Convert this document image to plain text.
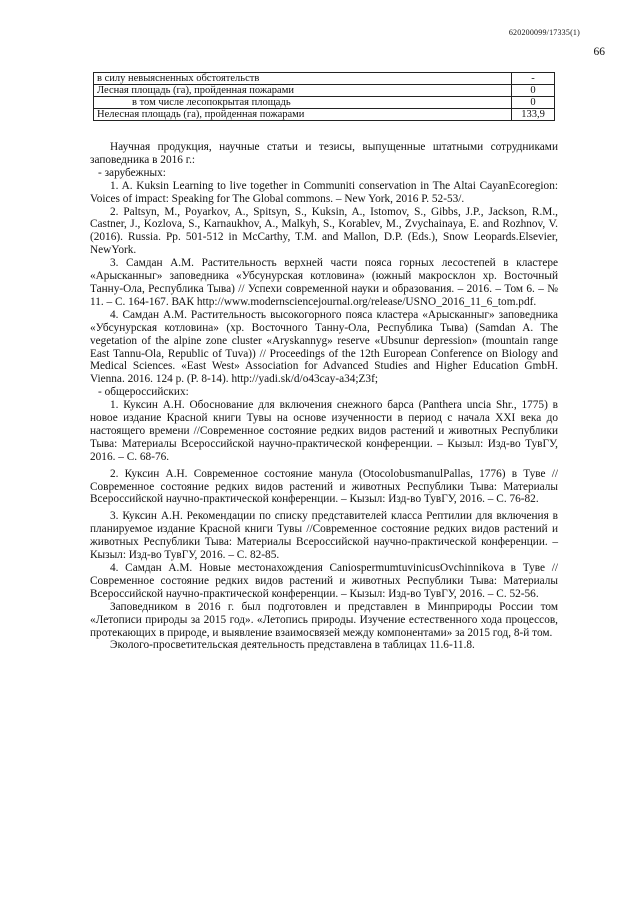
620200099/17335(1)
66
в силу невыясненных обстоятельств	-
Лесная площадь (га), пройденная пожарами	0
в том числе лесопокрытая площадь	0
Нелесная площадь (га), пройденная пожарами	133,9

Научная продукция, научные статьи и тезисы, выпущенные штатными сотрудниками заповедника в 2016 г.:

- зарубежных:

1. A. Kuksin Learning to live together in Communiti conservation in The Altai CayanEcoregion: Voices of impact: Speaking for The Global commons. – New York, 2016 P. 52-53/.

2. Paltsyn, M., Poyarkov, A., Spitsyn, S., Kuksin, A., Istomov, S., Gibbs, J.P., Jackson, R.M., Castner, J., Kozlova, S., Karnaukhov, A., Malkyh, S., Korablev, M., Zvychainaya, E. and Rozhnov, V. (2016). Russia. Pp. 501-512 in McCarthy, T.M. and Mallon, D.P. (Eds.), Snow Leopards.Elsevier, NewYork.

3. Самдан А.М. Растительность верхней части пояса горных лесостепей в кластере «Арысканныг» заповедника «Убсунурская котловина» (южный макросклон хр. Восточный Танну-Ола, Республика Тыва) // Успехи современной науки и образования. – 2016. – Том 6. – № 11. – С. 164-167. ВАК http://www.modernsciencejournal.org/release/USNO_2016_11_6_tom.pdf.

4. Самдан А.М. Растительность высокогорного пояса кластера «Арысканныг» заповедника «Убсунурская котловина» (хр. Восточного Танну-Ола, Республика Тыва) (Samdan A. The vegetation of the alpine zone cluster «Aryskannyg» reserve «Ubsunur depression» (mountain range East Tannu-Ola, Republic of Tuva)) // Proceedings of the 12th European Conference on Biology and Medical Sciences. «East West» Association for Advanced Studies and Higher Education GmbH. Vienna. 2016. 124 p. (P. 8-14). http://yadi.sk/d/o43cay-a34;Z3f;

- общероссийских:

1. Куксин А.Н. Обоснование для включения снежного барса (Panthera uncia Shr., 1775) в новое издание Красной книги Тувы на основе изученности в период с начала XXI века до настоящего времени //Современное состояние редких видов растений и животных Республики Тыва: Материалы Всероссийской научно-практической конференции. – Кызыл: Изд-во ТувГУ, 2016. – С. 68-76.

2. Куксин А.Н. Современное состояние манула (OtocolobusmanulPallas, 1776) в Туве //Современное состояние редких видов растений и животных Республики Тыва: Материалы Всероссийской научно-практической конференции. – Кызыл: Изд-во ТувГУ, 2016. – С. 76-82.

3. Куксин А.Н. Рекомендации по списку представителей класса Рептилии для включения в планируемое издание Красной книги Тувы //Современное состояние редких видов растений и животных Республики Тыва: Материалы Всероссийской научно-практической конференции. – Кызыл: Изд-во ТувГУ, 2016. – С. 82-85.

4. Самдан А.М. Новые местонахождения CaniospermumtuvinicusOvchinnikova в Туве //Современное состояние редких видов растений и животных Республики Тыва: Материалы Всероссийской научно-практической конференции. – Кызыл: Изд-во ТувГУ, 2016. – С. 52-56.

Заповедником в 2016 г. был подготовлен и представлен в Минприроды России том «Летописи природы за 2015 год». «Летопись природы. Изучение естественного хода процессов, протекающих в природе, и выявление взаимосвязей между компонентами» за 2015 год, 8-й том.

Эколого-просветительская деятельность представлена в таблицах 11.6-11.8.
